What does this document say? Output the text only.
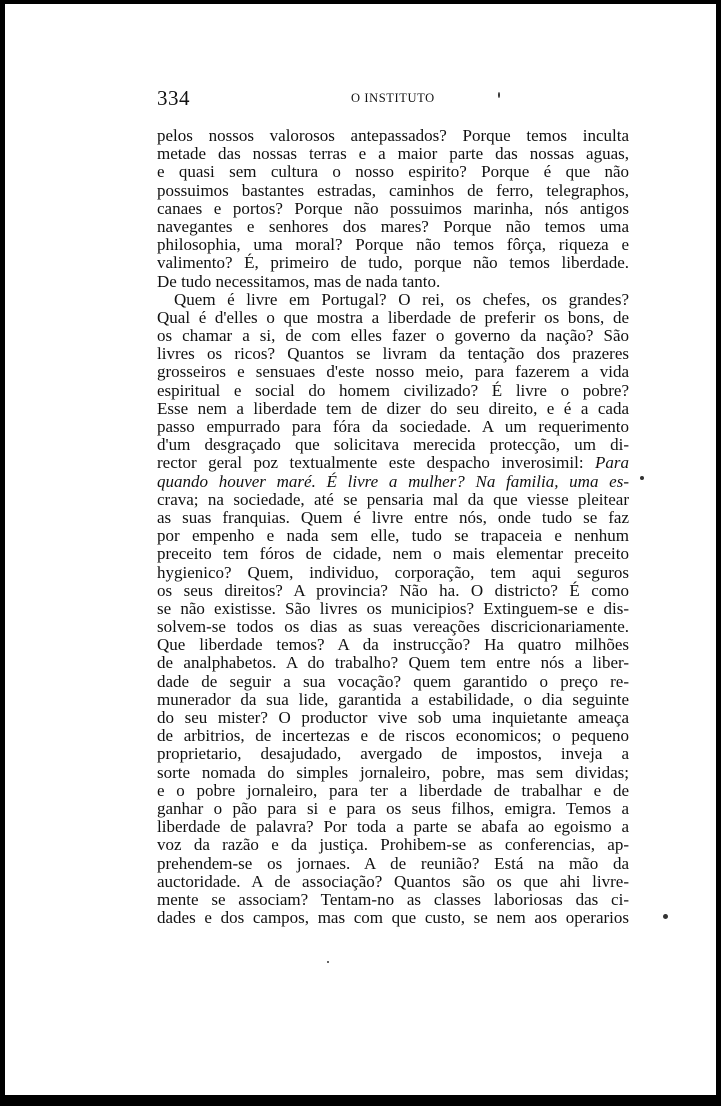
334	O INSTITUTO
pelos nossos valorosos antepassados? Porque temos inculta
metade das nossas terras e a maior parte das nossas aguas,
e quasi sem cultura o nosso espirito? Porque é que não
possuimos bastantes estradas, caminhos de ferro, telegraphos,
canaes e portos? Porque não possuimos marinha, nós antigos
navegantes e senhores dos mares? Porque não temos uma
philosophia, uma moral? Porque não temos fôrça, riqueza e
valimento? É, primeiro de tudo, porque não temos liberdade.
De tudo necessitamos, mas de nada tanto.
Quem é livre em Portugal? O rei, os chefes, os grandes?
Qual é d'elles o que mostra a liberdade de preferir os bons, de
os chamar a si, de com elles fazer o governo da nação? São
livres os ricos? Quantos se livram da tentação dos prazeres
grosseiros e sensuaes d'este nosso meio, para fazerem a vida
espiritual e social do homem civilizado? É livre o pobre?
Esse nem a liberdade tem de dizer do seu direito, e é a cada
passo empurrado para fóra da sociedade. A um requerimento
d'um desgraçado que solicitava merecida protecção, um di-
rector geral poz textualmente este despacho inverosimil: Para
quando houver maré. É livre a mulher? Na familia, uma es-
crava; na sociedade, até se pensaria mal da que viesse pleitear
as suas franquias. Quem é livre entre nós, onde tudo se faz
por empenho e nada sem elle, tudo se trapaceia e nenhum
preceito tem fóros de cidade, nem o mais elementar preceito
hygienico? Quem, individuo, corporação, tem aqui seguros
os seus direitos? A provincia? Não ha. O districto? É como
se não existisse. São livres os municipios? Extinguem-se e dis-
solvem-se todos os dias as suas vereações discricionariamente.
Que liberdade temos? A da instrucção? Ha quatro milhões
de analphabetos. A do trabalho? Quem tem entre nós a liber-
dade de seguir a sua vocação? quem garantido o preço re-
munerador da sua lide, garantida a estabilidade, o dia seguinte
do seu mister? O productor vive sob uma inquietante ameaça
de arbitrios, de incertezas e de riscos economicos; o pequeno
proprietario, desajudado, avergado de impostos, inveja a
sorte nomada do simples jornaleiro, pobre, mas sem dividas;
e o pobre jornaleiro, para ter a liberdade de trabalhar e de
ganhar o pão para si e para os seus filhos, emigra. Temos a
liberdade de palavra? Por toda a parte se abafa ao egoismo a
voz da razão e da justiça. Prohibem-se as conferencias, ap-
prehendem-se os jornaes. A de reunião? Está na mão da
auctoridade. A de associação? Quantos são os que ahi livre-
mente se associam? Tentam-no as classes laboriosas das ci-
dades e dos campos, mas com que custo, se nem aos operarios
